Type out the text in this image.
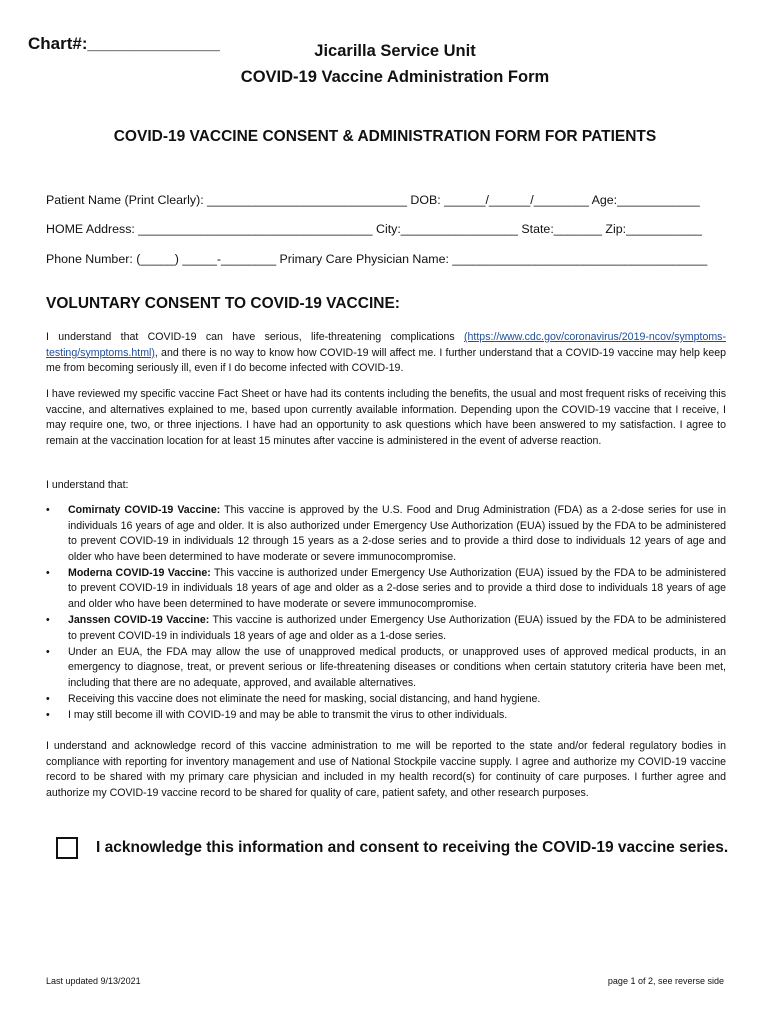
Chart#:______________	Jicarilla Service Unit
COVID-19 Vaccine Administration Form
COVID-19 VACCINE CONSENT & ADMINISTRATION FORM FOR PATIENTS
Patient Name (Print Clearly): _____________________________ DOB: ______/______/________ Age:____________
HOME Address: __________________________________ City:_________________ State:_______ Zip:___________
Phone Number: (_____) _____-________ Primary Care Physician Name: _____________________________________
VOLUNTARY CONSENT TO COVID-19 VACCINE:
I understand that COVID-19 can have serious, life-threatening complications (https://www.cdc.gov/coronavirus/2019-ncov/symptoms-testing/symptoms.html), and there is no way to know how COVID-19 will affect me. I further understand that a COVID-19 vaccine may help keep me from becoming seriously ill, even if I do become infected with COVID-19.
I have reviewed my specific vaccine Fact Sheet or have had its contents including the benefits, the usual and most frequent risks of receiving this vaccine, and alternatives explained to me, based upon currently available information. Depending upon the COVID-19 vaccine that I receive, I may require one, two, or three injections. I have had an opportunity to ask questions which have been answered to my satisfaction. I agree to remain at the vaccination location for at least 15 minutes after vaccine is administered in the event of adverse reaction.
I understand that:
• Comirnaty COVID-19 Vaccine: This vaccine is approved by the U.S. Food and Drug Administration (FDA) as a 2-dose series for use in individuals 16 years of age and older. It is also authorized under Emergency Use Authorization (EUA) issued by the FDA to be administered to prevent COVID-19 in individuals 12 through 15 years as a 2-dose series and to provide a third dose to individuals 12 years of age and older who have been determined to have moderate or severe immunocompromise.
• Moderna COVID-19 Vaccine: This vaccine is authorized under Emergency Use Authorization (EUA) issued by the FDA to be administered to prevent COVID-19 in individuals 18 years of age and older as a 2-dose series and to provide a third dose to individuals 18 years of age and older who have been determined to have moderate or severe immunocompromise.
• Janssen COVID-19 Vaccine: This vaccine is authorized under Emergency Use Authorization (EUA) issued by the FDA to be administered to prevent COVID-19 in individuals 18 years of age and older as a 1-dose series.
• Under an EUA, the FDA may allow the use of unapproved medical products, or unapproved uses of approved medical products, in an emergency to diagnose, treat, or prevent serious or life-threatening diseases or conditions when certain statutory criteria have been met, including that there are no adequate, approved, and available alternatives.
• Receiving this vaccine does not eliminate the need for masking, social distancing, and hand hygiene.
• I may still become ill with COVID-19 and may be able to transmit the virus to other individuals.
I understand and acknowledge record of this vaccine administration to me will be reported to the state and/or federal regulatory bodies in compliance with reporting for inventory management and use of National Stockpile vaccine supply. I agree and authorize my COVID-19 vaccine record to be shared with my primary care physician and included in my health record(s) for continuity of care purposes. I further agree and authorize my COVID-19 vaccine record to be shared for quality of care, patient safety, and other research purposes.
I acknowledge this information and consent to receiving the COVID-19 vaccine series.
Last updated 9/13/2021	page 1 of 2, see reverse side
